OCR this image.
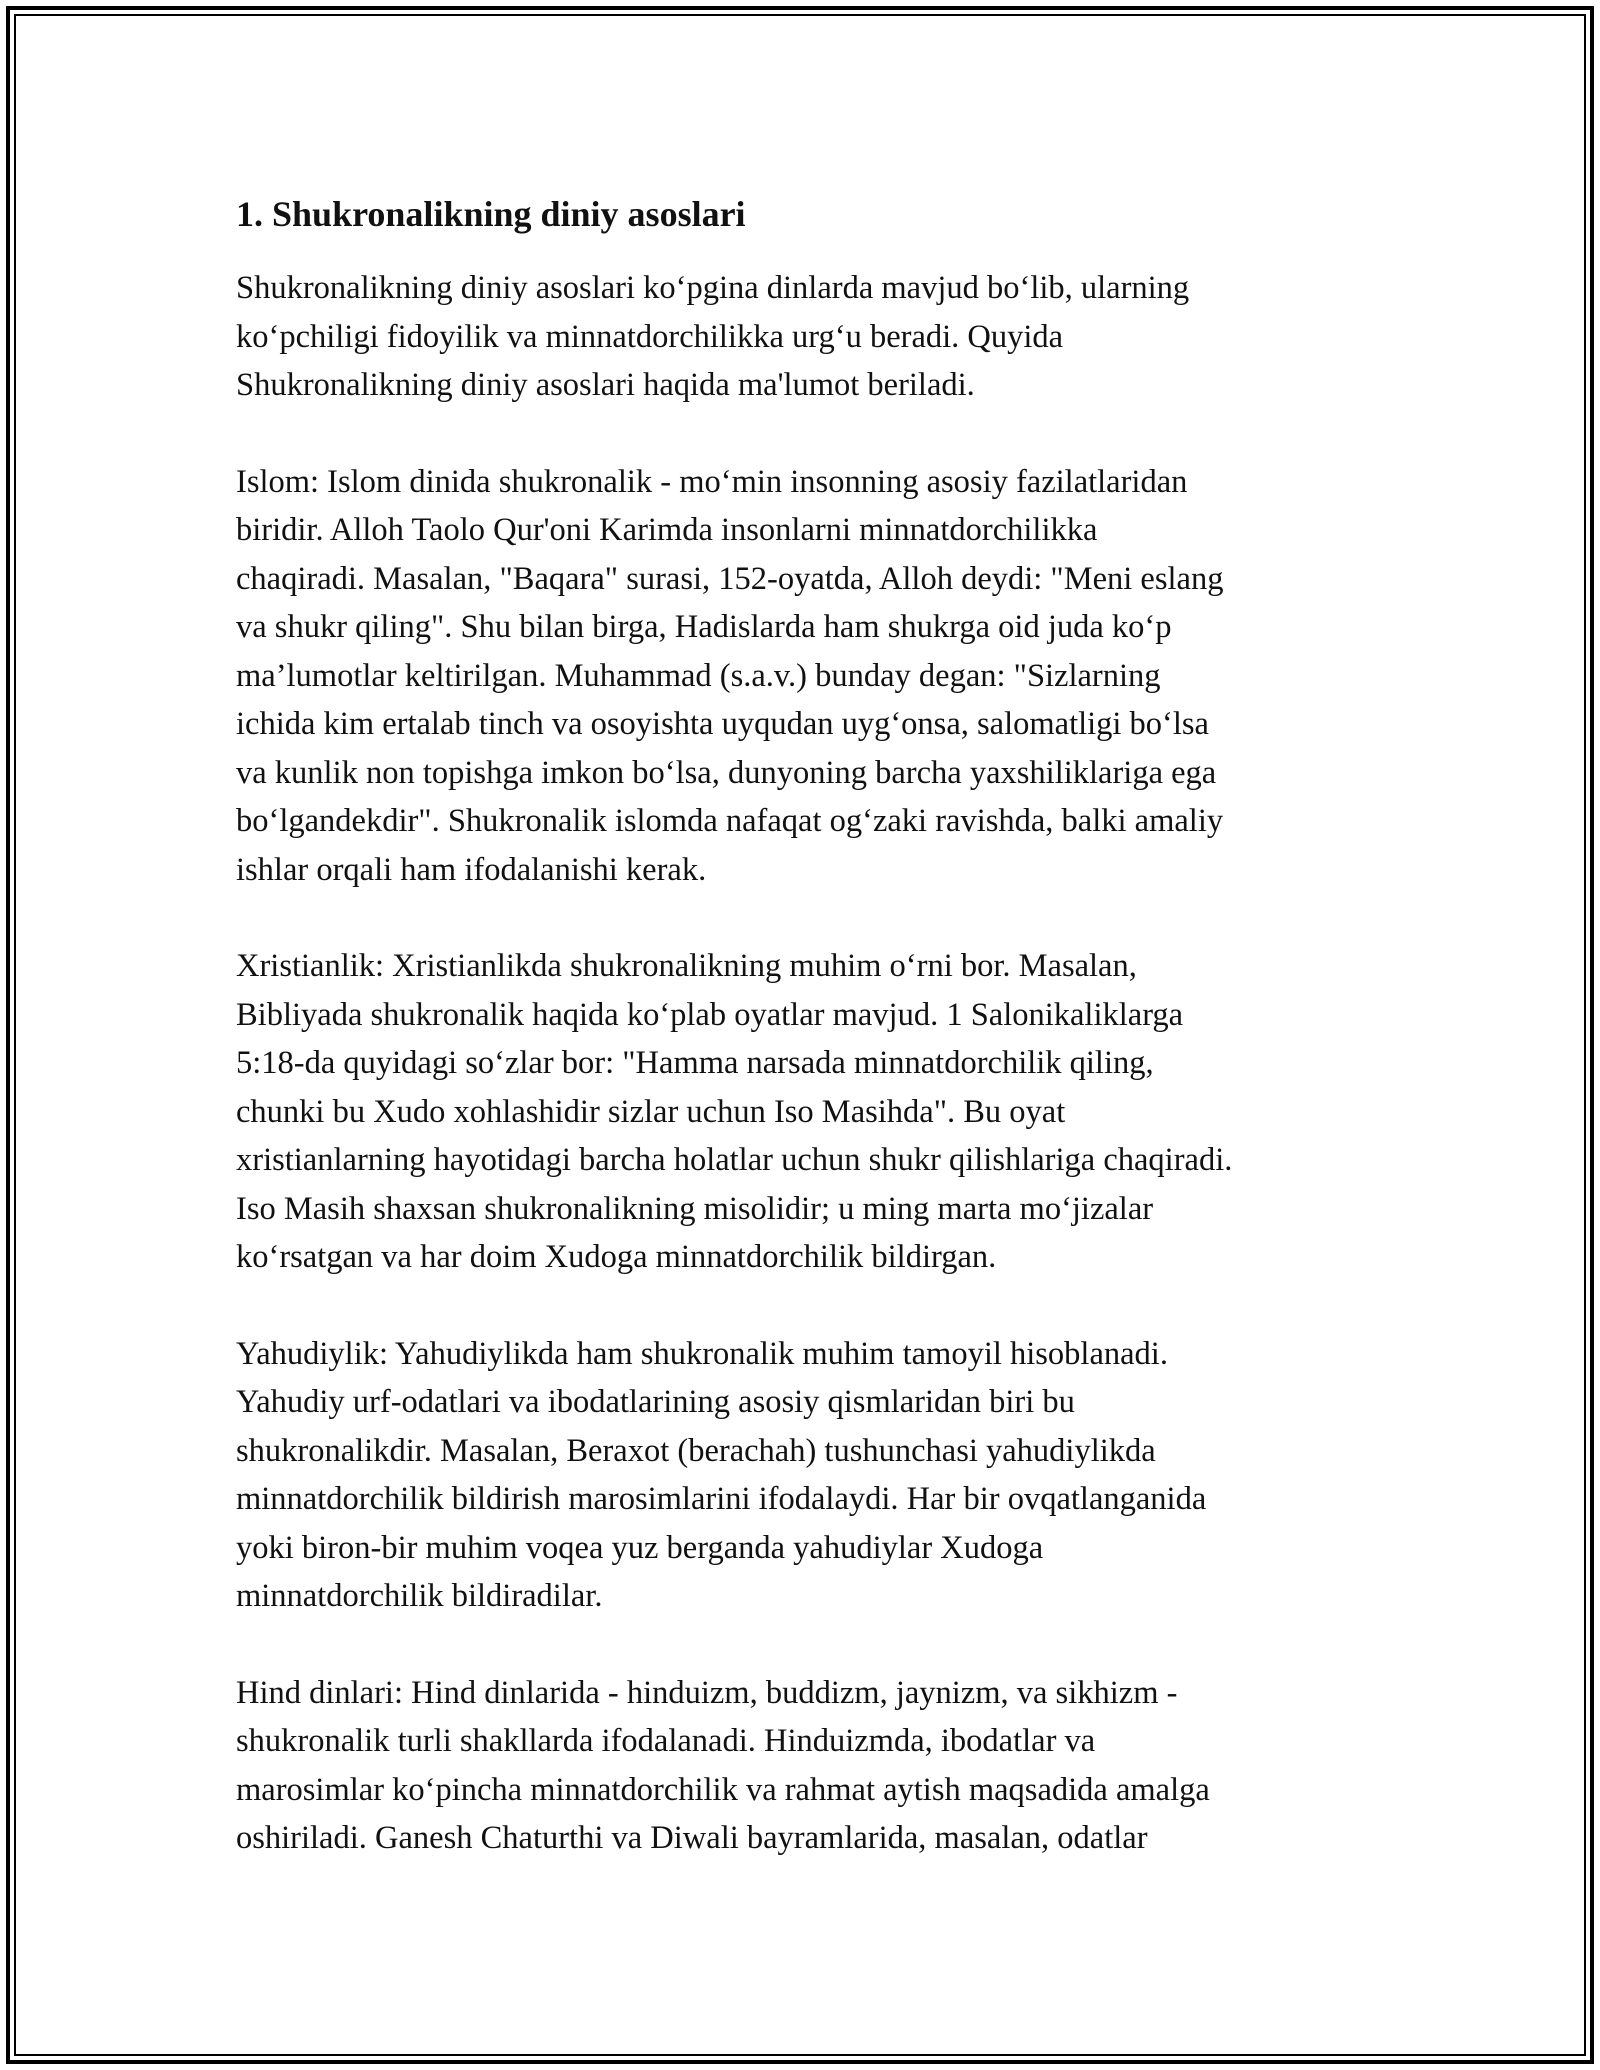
1. Shukronalikning diniy asoslari

Shukronalikning diniy asoslari ko‘pgina dinlarda mavjud bo‘lib, ularning
ko‘pchiligi fidoyilik va minnatdorchilikka urg‘u beradi. Quyida
Shukronalikning diniy asoslari haqida ma'lumot beriladi.

Islom: Islom dinida shukronalik - mo‘min insonning asosiy fazilatlaridan
biridir. Alloh Taolo Qur'oni Karimda insonlarni minnatdorchilikka
chaqiradi. Masalan, "Baqara" surasi, 152-oyatda, Alloh deydi: "Meni eslang
va shukr qiling". Shu bilan birga, Hadislarda ham shukrga oid juda ko‘p
ma’lumotlar keltirilgan. Muhammad (s.a.v.) bunday degan: "Sizlarning
ichida kim ertalab tinch va osoyishta uyqudan uyg‘onsa, salomatligi bo‘lsa
va kunlik non topishga imkon bo‘lsa, dunyoning barcha yaxshiliklariga ega
bo‘lgandekdir". Shukronalik islomda nafaqat og‘zaki ravishda, balki amaliy
ishlar orqali ham ifodalanishi kerak.

Xristianlik: Xristianlikda shukronalikning muhim o‘rni bor. Masalan,
Bibliyada shukronalik haqida ko‘plab oyatlar mavjud. 1 Salonikaliklarga
5:18-da quyidagi so‘zlar bor: "Hamma narsada minnatdorchilik qiling,
chunki bu Xudo xohlashidir sizlar uchun Iso Masihda". Bu oyat
xristianlarning hayotidagi barcha holatlar uchun shukr qilishlariga chaqiradi.
Iso Masih shaxsan shukronalikning misolidir; u ming marta mo‘jizalar
ko‘rsatgan va har doim Xudoga minnatdorchilik bildirgan.

Yahudiylik: Yahudiylikda ham shukronalik muhim tamoyil hisoblanadi.
Yahudiy urf-odatlari va ibodatlarining asosiy qismlaridan biri bu
shukronalikdir. Masalan, Beraxot (berachah) tushunchasi yahudiylikda
minnatdorchilik bildirish marosimlarini ifodalaydi. Har bir ovqatlanganida
yoki biron-bir muhim voqea yuz berganda yahudiylar Xudoga
minnatdorchilik bildiradilar.

Hind dinlari: Hind dinlarida - hinduizm, buddizm, jaynizm, va sikhizm -
shukronalik turli shakllarda ifodalanadi. Hinduizmda, ibodatlar va
marosimlar ko‘pincha minnatdorchilik va rahmat aytish maqsadida amalga
oshiriladi. Ganesh Chaturthi va Diwali bayramlarida, masalan, odatlar
